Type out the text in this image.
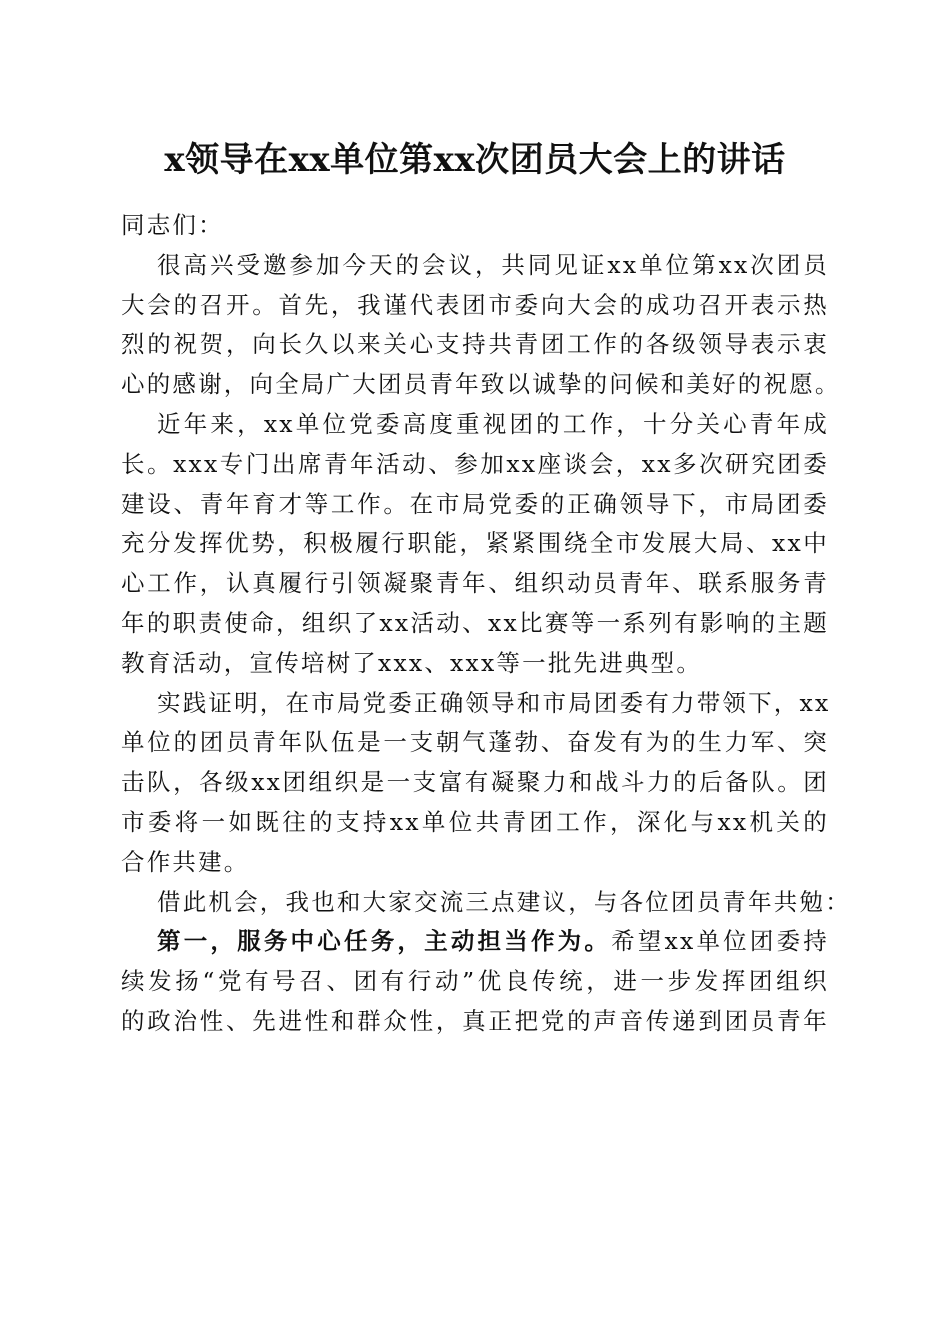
x领导在xx单位第xx次团员大会上的讲话
同志们：
很高兴受邀参加今天的会议，共同见证xx单位第xx次团员
大会的召开。首先，我谨代表团市委向大会的成功召开表示热
烈的祝贺，向长久以来关心支持共青团工作的各级领导表示衷
心的感谢，向全局广大团员青年致以诚挚的问候和美好的祝愿。
近年来，xx单位党委高度重视团的工作，十分关心青年成
长。xxx专门出席青年活动、参加xx座谈会，xx多次研究团委
建设、青年育才等工作。在市局党委的正确领导下，市局团委
充分发挥优势，积极履行职能，紧紧围绕全市发展大局、xx中
心工作，认真履行引领凝聚青年、组织动员青年、联系服务青
年的职责使命，组织了xx活动、xx比赛等一系列有影响的主题
教育活动，宣传培树了xxx、xxx等一批先进典型。
实践证明，在市局党委正确领导和市局团委有力带领下，xx
单位的团员青年队伍是一支朝气蓬勃、奋发有为的生力军、突
击队，各级xx团组织是一支富有凝聚力和战斗力的后备队。团
市委将一如既往的支持xx单位共青团工作，深化与xx机关的
合作共建。
借此机会，我也和大家交流三点建议，与各位团员青年共勉：
第一，服务中心任务，主动担当作为。希望xx单位团委持
续发扬“党有号召、团有行动”优良传统，进一步发挥团组织
的政治性、先进性和群众性，真正把党的声音传递到团员青年
